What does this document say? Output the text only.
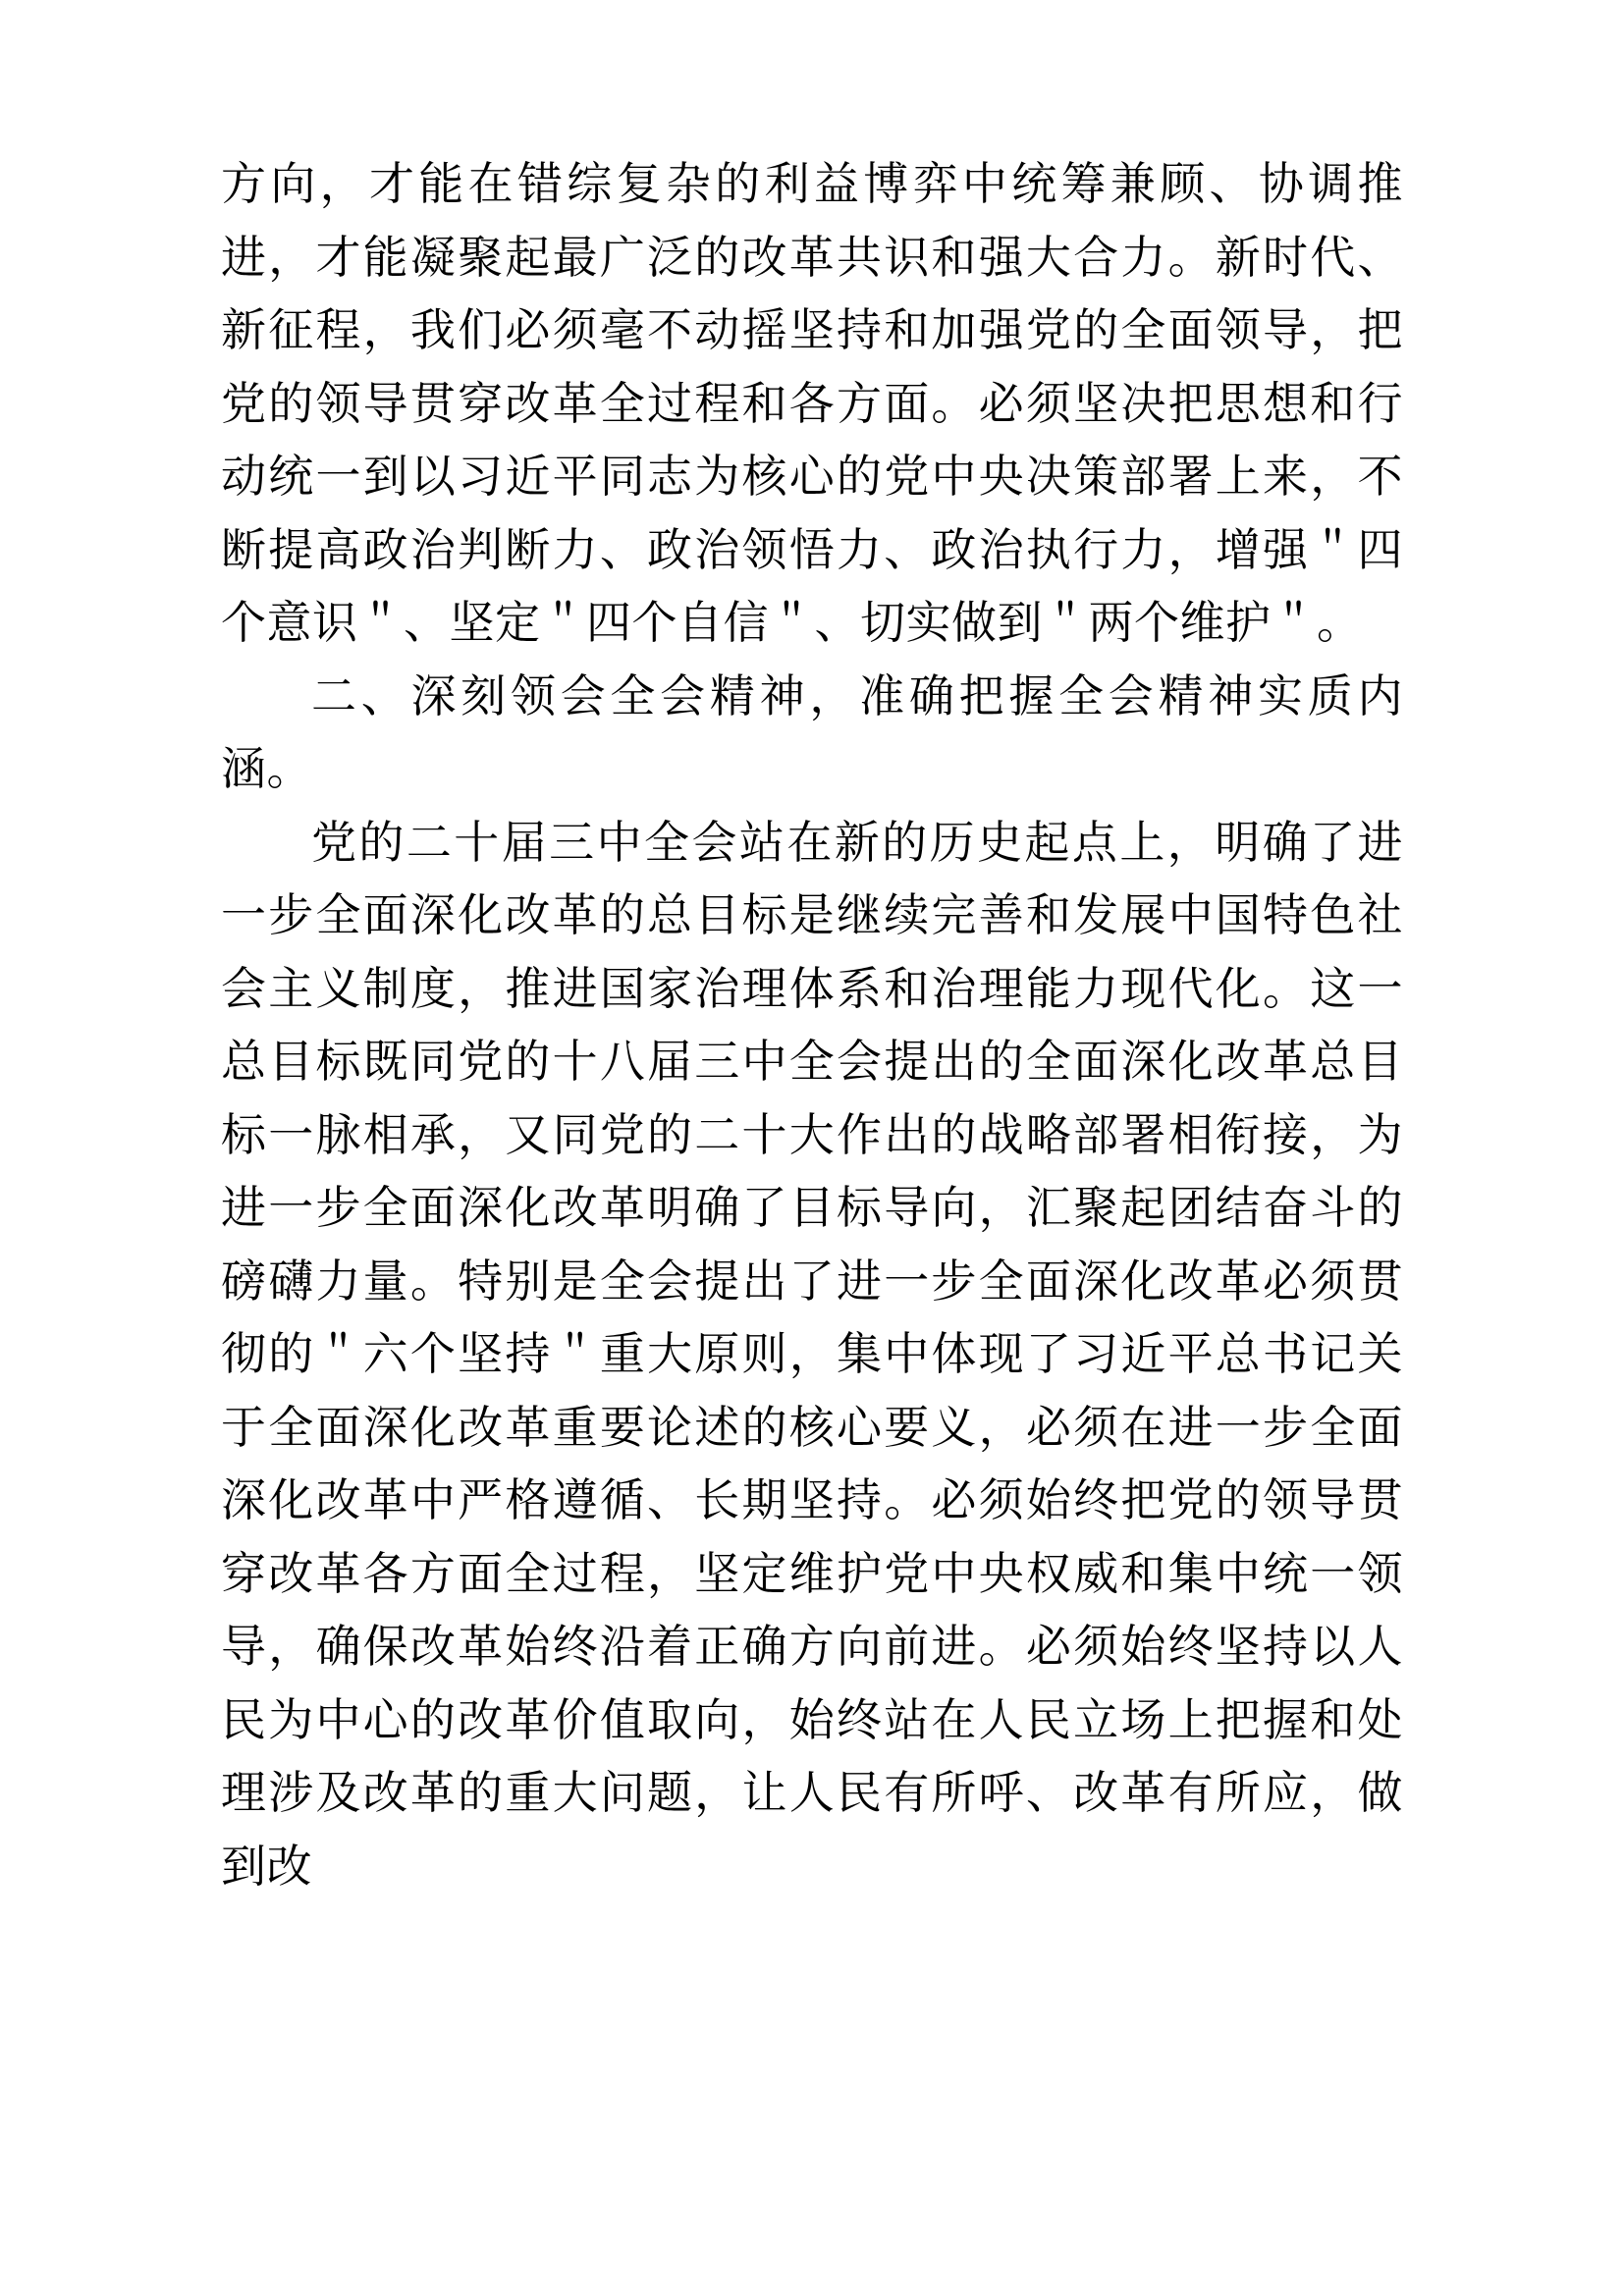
方向，才能在错综复杂的利益博弈中统筹兼顾、协调推进，才能凝聚起最广泛的改革共识和强大合力。新时代、新征程，我们必须毫不动摇坚持和加强党的全面领导，把党的领导贯穿改革全过程和各方面。必须坚决把思想和行动统一到以习近平同志为核心的党中央决策部署上来，不断提高政治判断力、政治领悟力、政治执行力，增强＂四个意识＂、坚定＂四个自信＂、切实做到＂两个维护＂。

二、深刻领会全会精神，准确把握全会精神实质内涵。

党的二十届三中全会站在新的历史起点上，明确了进一步全面深化改革的总目标是继续完善和发展中国特色社会主义制度，推进国家治理体系和治理能力现代化。这一总目标既同党的十八届三中全会提出的全面深化改革总目标一脉相承，又同党的二十大作出的战略部署相衔接，为进一步全面深化改革明确了目标导向，汇聚起团结奋斗的磅礴力量。特别是全会提出了进一步全面深化改革必须贯彻的＂六个坚持＂重大原则，集中体现了习近平总书记关于全面深化改革重要论述的核心要义，必须在进一步全面深化改革中严格遵循、长期坚持。必须始终把党的领导贯穿改革各方面全过程，坚定维护党中央权威和集中统一领导，确保改革始终沿着正确方向前进。必须始终坚持以人民为中心的改革价值取向，始终站在人民立场上把握和处理涉及改革的重大问题，让人民有所呼、改革有所应，做到改
